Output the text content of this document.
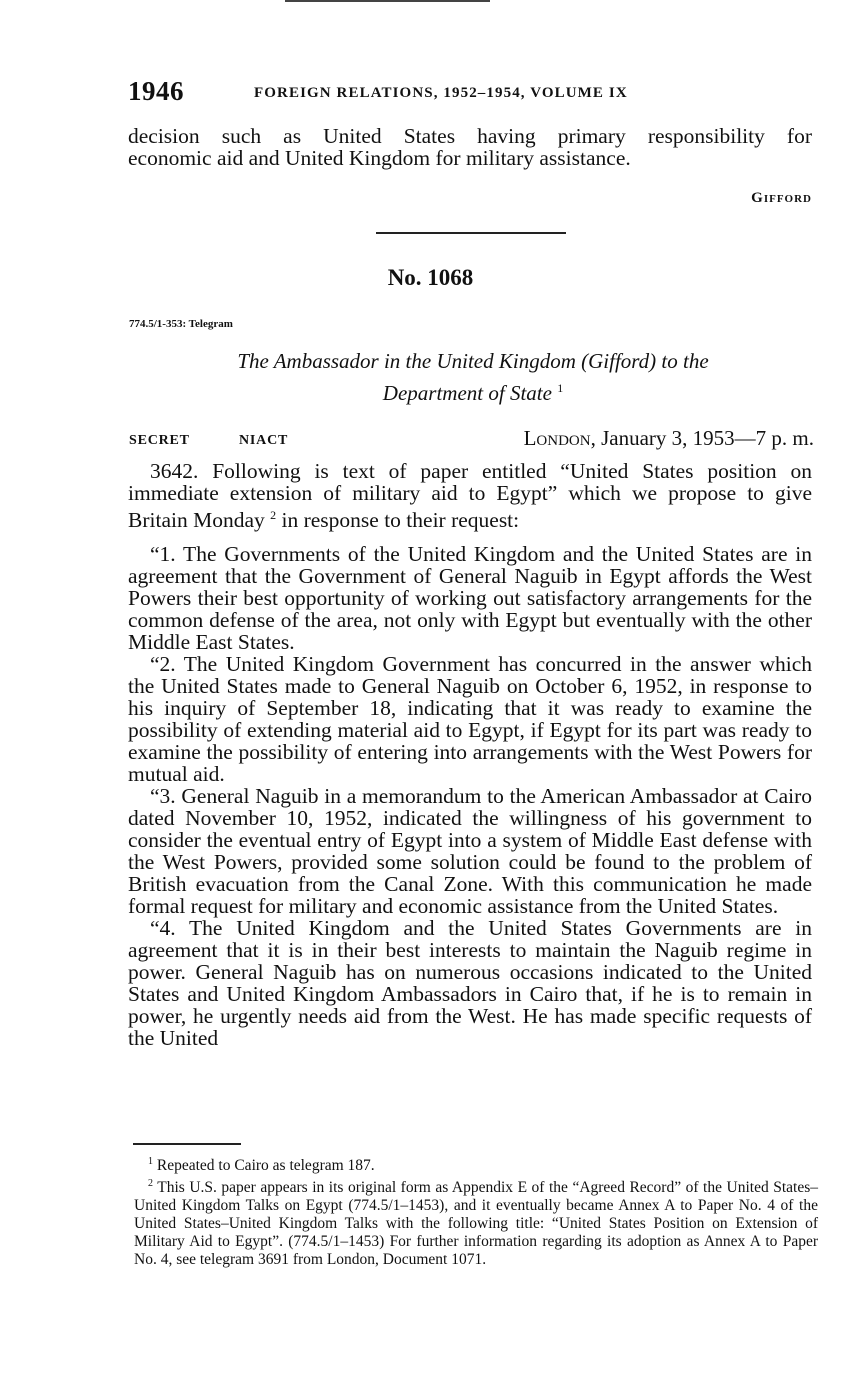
1946	FOREIGN RELATIONS, 1952–1954, VOLUME IX
decision such as United States having primary responsibility for
economic aid and United Kingdom for military assistance.
Gifford
No. 1068
774.5/1-353: Telegram
The Ambassador in the United Kingdom (Gifford) to the
Department of State $^1$
SECRET	NIACT	London, January 3, 1953—7 p. m.

3642. Following is text of paper entitled “United States position on immediate extension of military aid to Egypt” which we propose to give Britain Monday $^2$ in response to their request:

“1. The Governments of the United Kingdom and the United States are in agreement that the Government of General Naguib in Egypt affords the West Powers their best opportunity of working out satisfactory arrangements for the common defense of the area, not only with Egypt but eventually with the other Middle East States.

“2. The United Kingdom Government has concurred in the answer which the United States made to General Naguib on October 6, 1952, in response to his inquiry of September 18, indicating that it was ready to examine the possibility of extending material aid to Egypt, if Egypt for its part was ready to examine the possibility of entering into arrangements with the West Powers for mutual aid.

“3. General Naguib in a memorandum to the American Ambassador at Cairo dated November 10, 1952, indicated the willingness of his government to consider the eventual entry of Egypt into a system of Middle East defense with the West Powers, provided some solution could be found to the problem of British evacuation from the Canal Zone. With this communication he made formal request for military and economic assistance from the United States.

“4. The United Kingdom and the United States Governments are in agreement that it is in their best interests to maintain the Naguib regime in power. General Naguib has on numerous occasions indicated to the United States and United Kingdom Ambassadors in Cairo that, if he is to remain in power, he urgently needs aid from the West. He has made specific requests of the United

$^1$ Repeated to Cairo as telegram 187.

$^2$ This U.S. paper appears in its original form as Appendix E of the “Agreed Record” of the United States–United Kingdom Talks on Egypt (774.5/1–1453), and it eventually became Annex A to Paper No. 4 of the United States–United Kingdom Talks with the following title: “United States Position on Extension of Military Aid to Egypt”. (774.5/1–1453) For further information regarding its adoption as Annex A to Paper No. 4, see telegram 3691 from London, Document 1071.
